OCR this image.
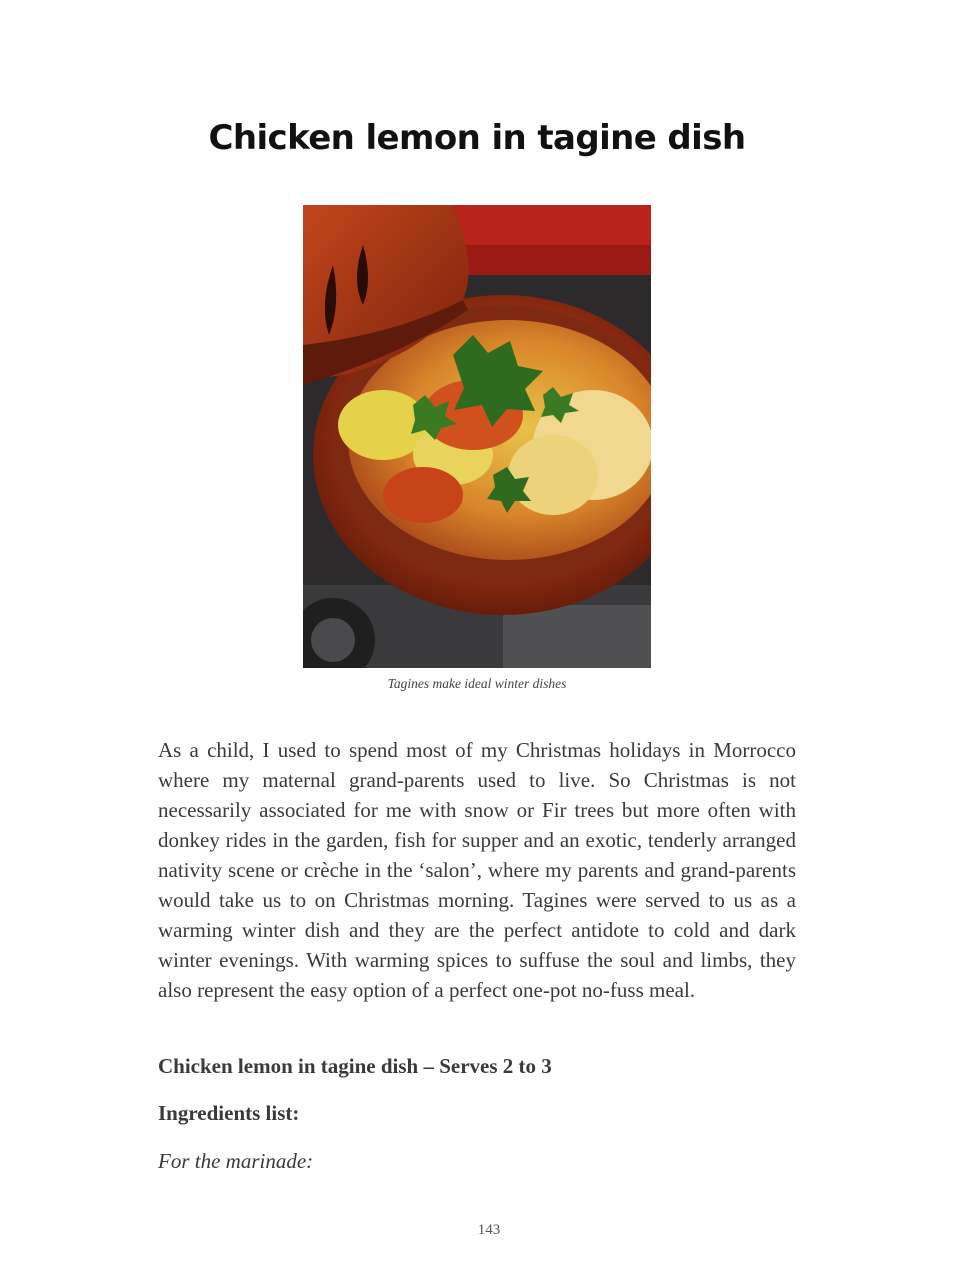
Chicken lemon in tagine dish
Tagines make ideal winter dishes

As a child, I used to spend most of my Christmas holidays in Morrocco where my maternal grand-parents used to live. So Christmas is not necessarily associated for me with snow or Fir trees but more often with donkey rides in the garden, fish for supper and an exotic, tenderly arranged nativity scene or crèche in the ‘salon’, where my parents and grand-parents would take us to on Christmas morning. Tagines were served to us as a warming winter dish and they are the perfect antidote to cold and dark winter evenings. With warming spices to suffuse the soul and limbs, they also represent the easy option of a perfect one-pot no-fuss meal.

Chicken lemon in tagine dish – Serves 2 to 3

Ingredients list:

For the marinade:

143
